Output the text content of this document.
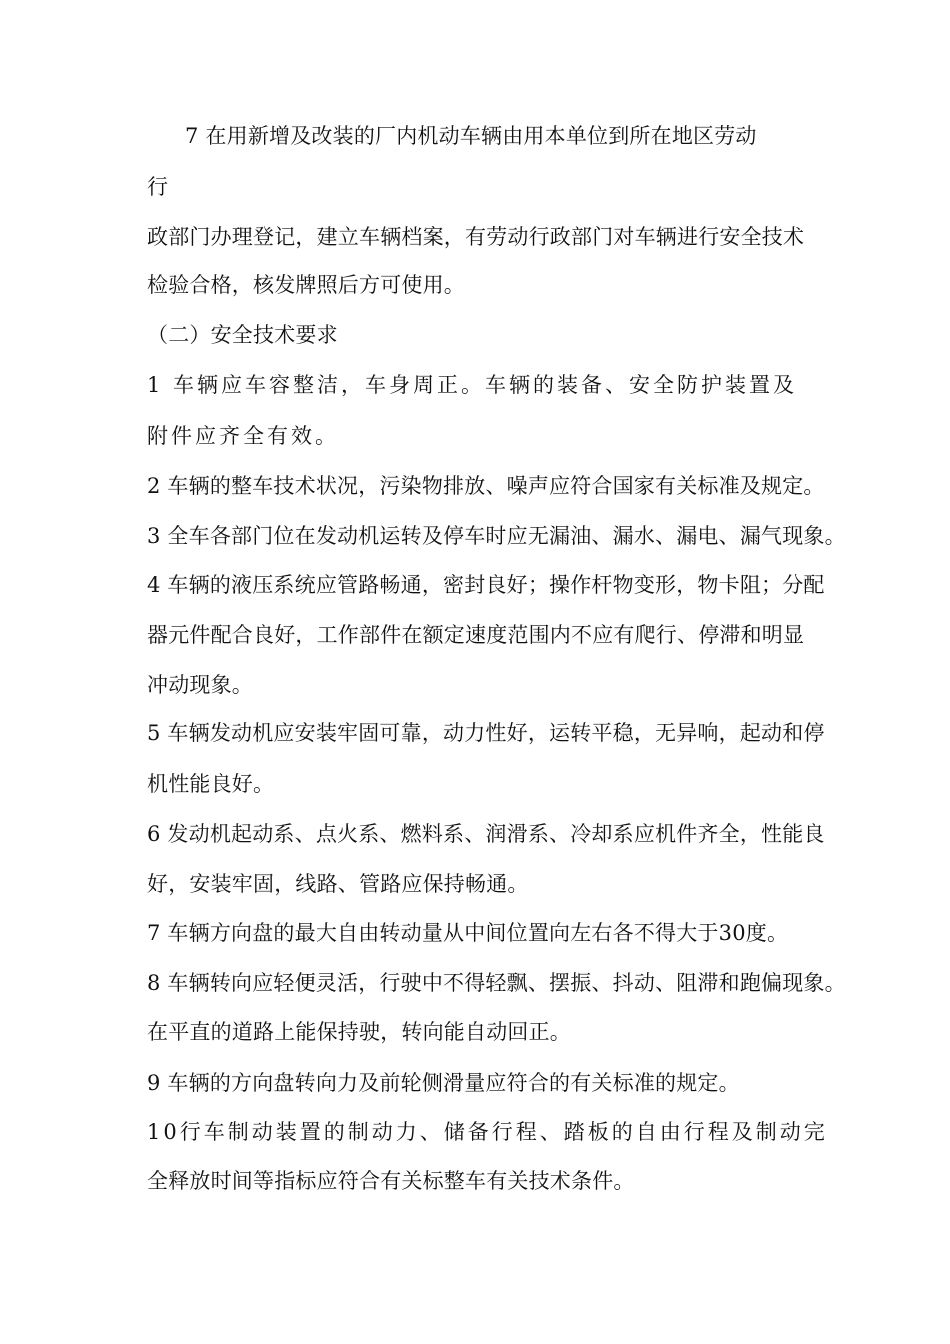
7 在用新增及改装的厂内机动车辆由用本单位到所在地区劳动
行
政部门办理登记，建立车辆档案，有劳动行政部门对车辆进行安全技术
检验合格，核发牌照后方可使用。
（二）安全技术要求
1 车辆应车容整洁，车身周正。车辆的装备、安全防护装置及
附件应齐全有效。
2 车辆的整车技术状况，污染物排放、噪声应符合国家有关标准及规定。
3 全车各部门位在发动机运转及停车时应无漏油、漏水、漏电、漏气现象。
4 车辆的液压系统应管路畅通，密封良好；操作杆物变形，物卡阻；分配
器元件配合良好，工作部件在额定速度范围内不应有爬行、停滞和明显
冲动现象。
5 车辆发动机应安装牢固可靠，动力性好，运转平稳，无异响，起动和停
机性能良好。
6 发动机起动系、点火系、燃料系、润滑系、冷却系应机件齐全，性能良
好，安装牢固，线路、管路应保持畅通。
7 车辆方向盘的最大自由转动量从中间位置向左右各不得大于30度。
8 车辆转向应轻便灵活，行驶中不得轻飘、摆振、抖动、阻滞和跑偏现象。
在平直的道路上能保持驶，转向能自动回正。
9 车辆的方向盘转向力及前轮侧滑量应符合的有关标准的规定。
10行车制动装置的制动力、储备行程、踏板的自由行程及制动完
全释放时间等指标应符合有关标整车有关技术条件。
